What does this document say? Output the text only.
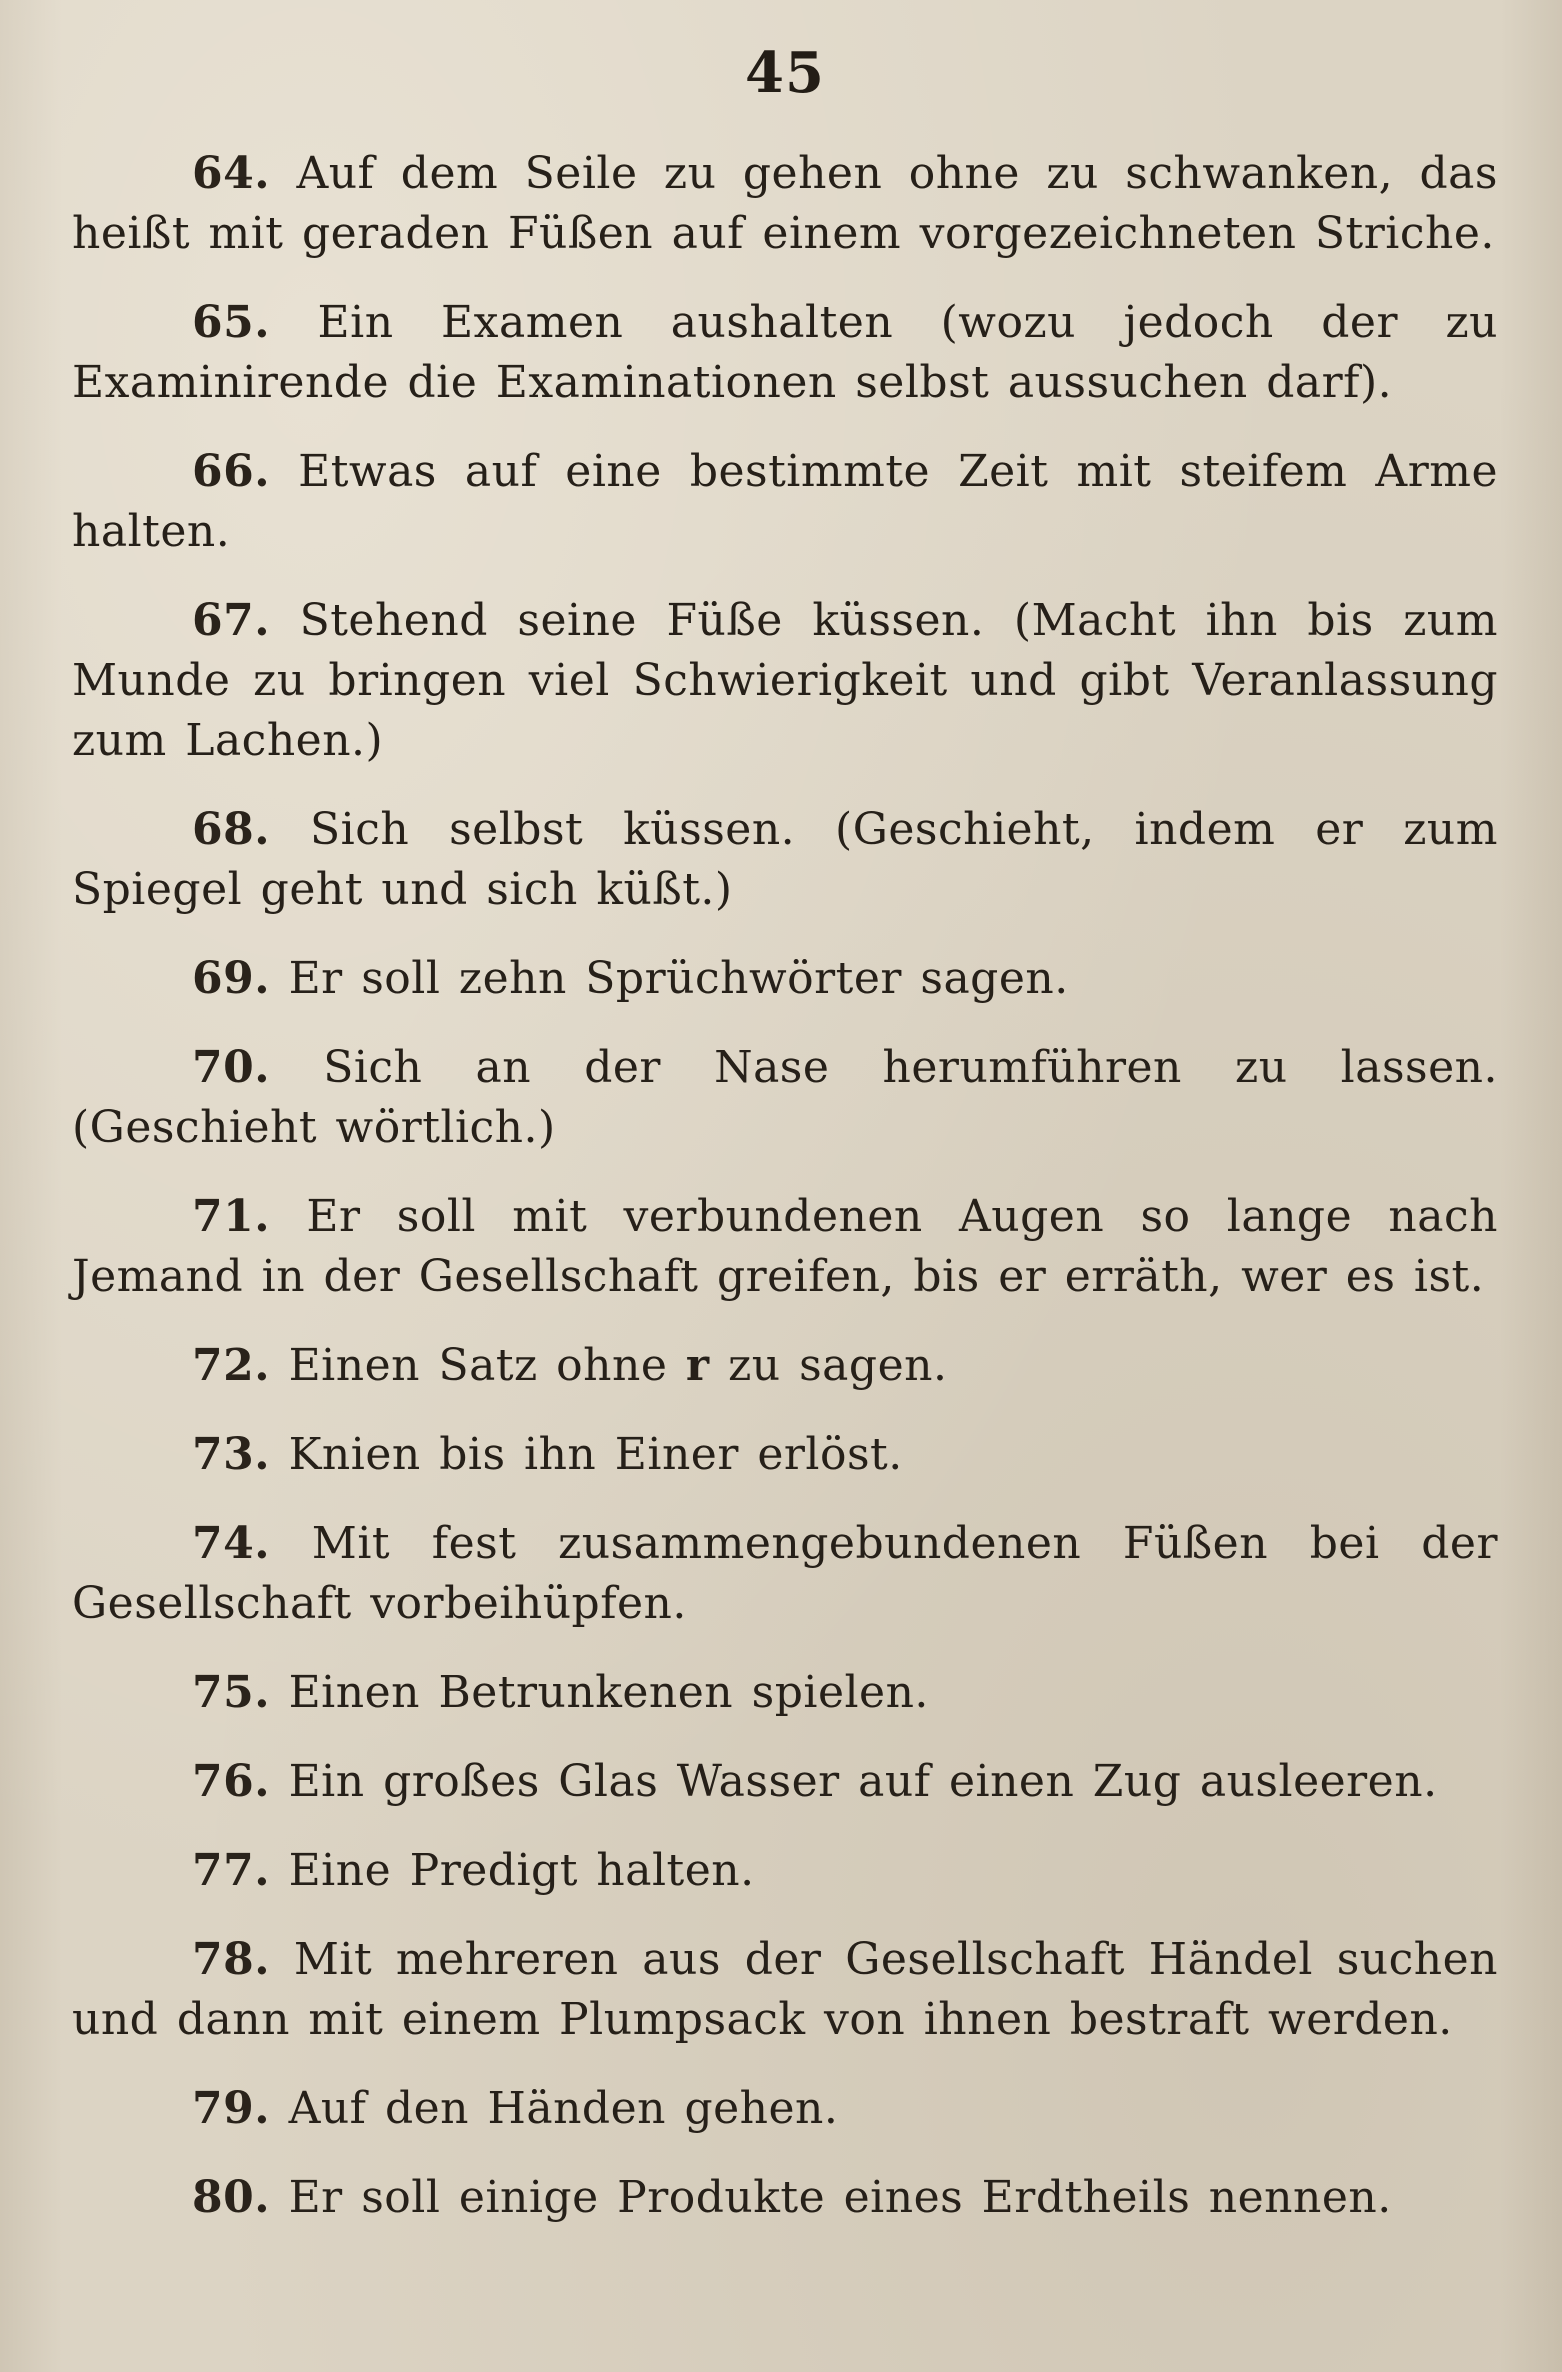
45

64. Auf dem Seile zu gehen ohne zu schwanken, das heißt mit geraden Füßen auf einem vorgezeichneten Striche.

65. Ein Examen aushalten (wozu jedoch der zu Examinirende die Examinationen selbst aussuchen darf).

66. Etwas auf eine bestimmte Zeit mit steifem Arme halten.

67. Stehend seine Füße küssen. (Macht ihn bis zum Munde zu bringen viel Schwierigkeit und gibt Veranlassung zum Lachen.)

68. Sich selbst küssen. (Geschieht, indem er zum Spiegel geht und sich küßt.)

69. Er soll zehn Sprüchwörter sagen.

70. Sich an der Nase herumführen zu lassen. (Geschieht wörtlich.)

71. Er soll mit verbundenen Augen so lange nach Jemand in der Gesellschaft greifen, bis er erräth, wer es ist.

72. Einen Satz ohne r zu sagen.

73. Knien bis ihn Einer erlöst.

74. Mit fest zusammengebundenen Füßen bei der Gesellschaft vorbeihüpfen.

75. Einen Betrunkenen spielen.

76. Ein großes Glas Wasser auf einen Zug ausleeren.

77. Eine Predigt halten.

78. Mit mehreren aus der Gesellschaft Händel suchen und dann mit einem Plumpsack von ihnen bestraft werden.

79. Auf den Händen gehen.

80. Er soll einige Produkte eines Erdtheils nennen.
